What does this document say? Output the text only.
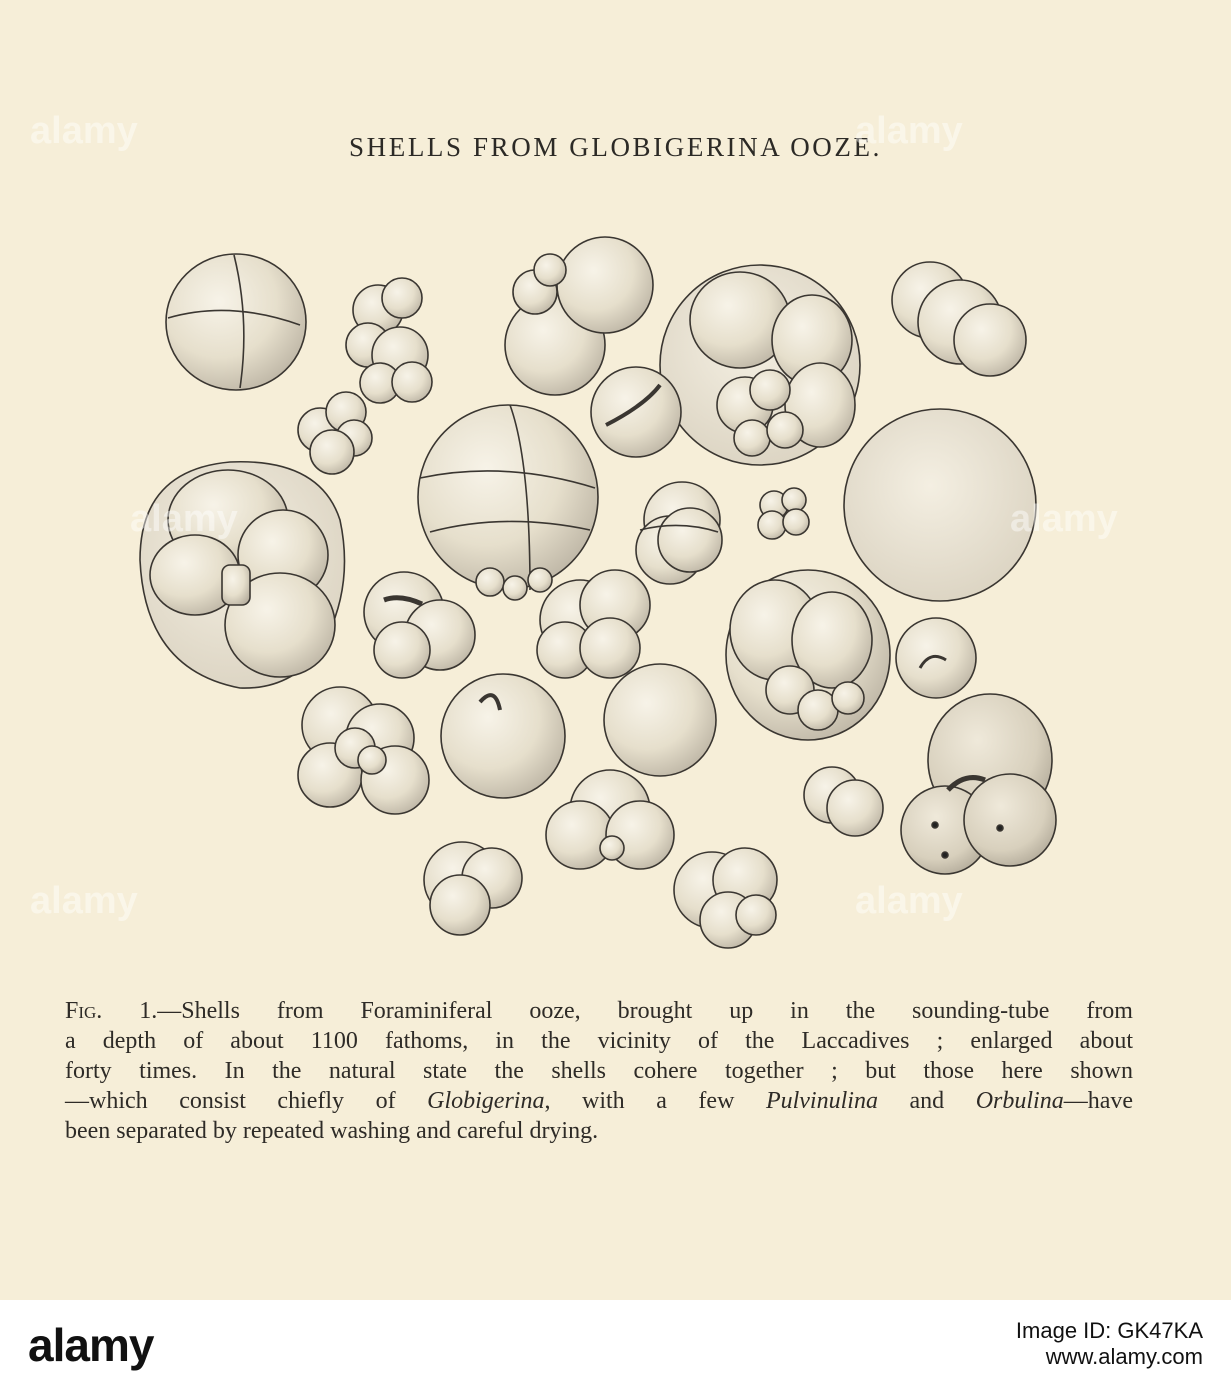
SHELLS FROM GLOBIGERINA OOZE.
Fig. 1.—Shells from Foraminiferal ooze, brought up in the sounding-tube from
a depth of about 1100 fathoms, in the vicinity of the Laccadives ; enlarged about
forty times. In the natural state the shells cohere together ; but those here shown
—which consist chiefly of Globigerina, with a few Pulvinulina and Orbulina—have
been separated by repeated washing and careful drying.
alamy	alamy
alamy	alamy
alamy	alamy
alamy	Image ID: GK47KA
www.alamy.com
